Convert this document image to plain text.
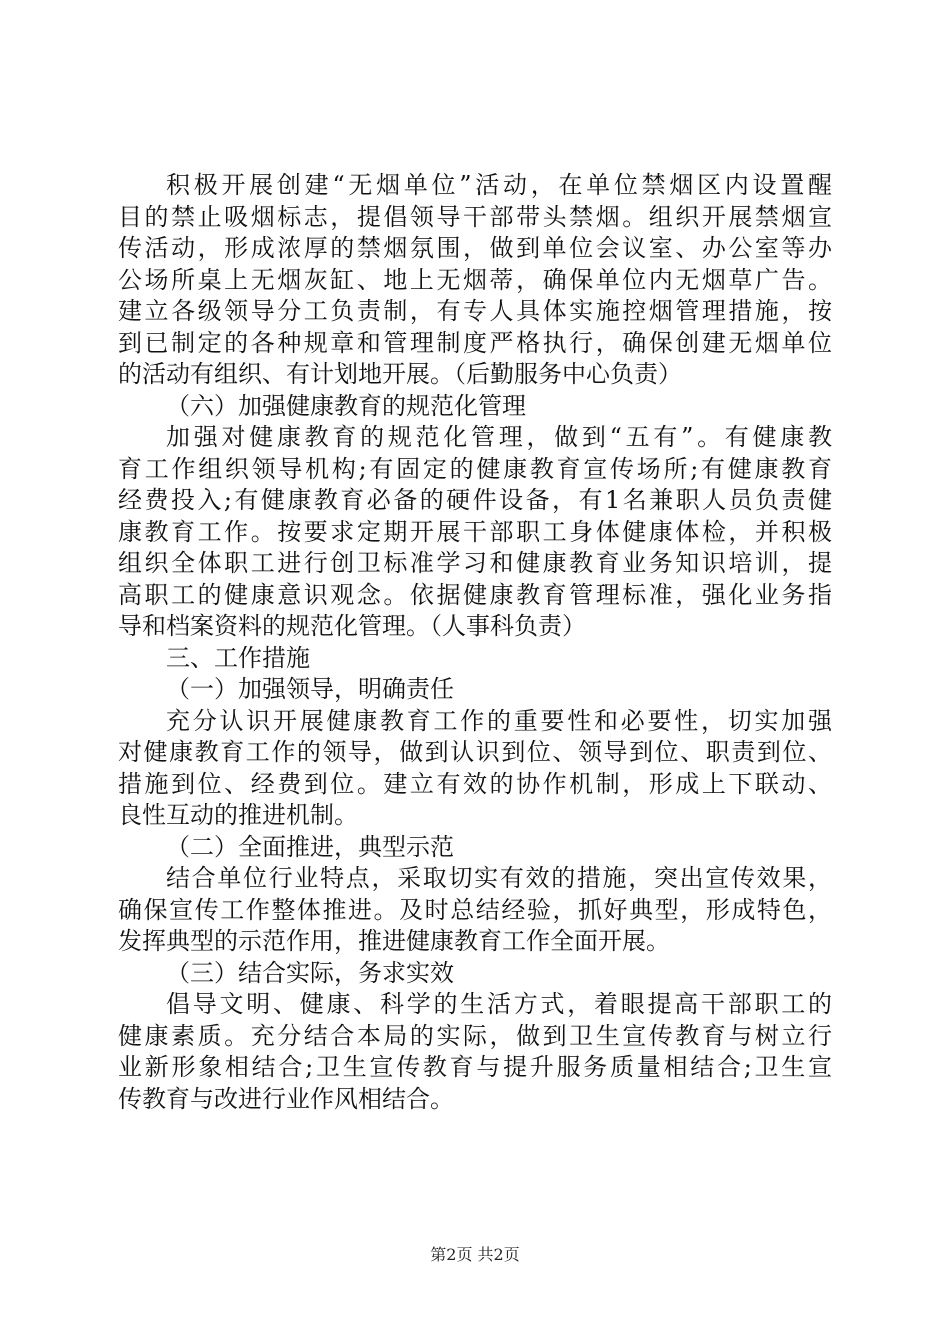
积极开展创建“无烟单位”活动，在单位禁烟区内设置醒
目的禁止吸烟标志，提倡领导干部带头禁烟。组织开展禁烟宣
传活动，形成浓厚的禁烟氛围，做到单位会议室、办公室等办
公场所桌上无烟灰缸、地上无烟蒂，确保单位内无烟草广告。
建立各级领导分工负责制，有专人具体实施控烟管理措施，按
到已制定的各种规章和管理制度严格执行，确保创建无烟单位
的活动有组织、有计划地开展。（后勤服务中心负责）
（六）加强健康教育的规范化管理
加强对健康教育的规范化管理，做到“五有”。有健康教
育工作组织领导机构;有固定的健康教育宣传场所;有健康教育
经费投入;有健康教育必备的硬件设备，有1名兼职人员负责健
康教育工作。按要求定期开展干部职工身体健康体检，并积极
组织全体职工进行创卫标准学习和健康教育业务知识培训，提
高职工的健康意识观念。依据健康教育管理标准，强化业务指
导和档案资料的规范化管理。（人事科负责）
三、工作措施
（一）加强领导，明确责任
充分认识开展健康教育工作的重要性和必要性，切实加强
对健康教育工作的领导，做到认识到位、领导到位、职责到位、
措施到位、经费到位。建立有效的协作机制，形成上下联动、
良性互动的推进机制。
（二）全面推进，典型示范
结合单位行业特点，采取切实有效的措施，突出宣传效果，
确保宣传工作整体推进。及时总结经验，抓好典型，形成特色，
发挥典型的示范作用，推进健康教育工作全面开展。
（三）结合实际，务求实效
倡导文明、健康、科学的生活方式，着眼提高干部职工的
健康素质。充分结合本局的实际，做到卫生宣传教育与树立行
业新形象相结合;卫生宣传教育与提升服务质量相结合;卫生宣
传教育与改进行业作风相结合。
第2页 共2页
